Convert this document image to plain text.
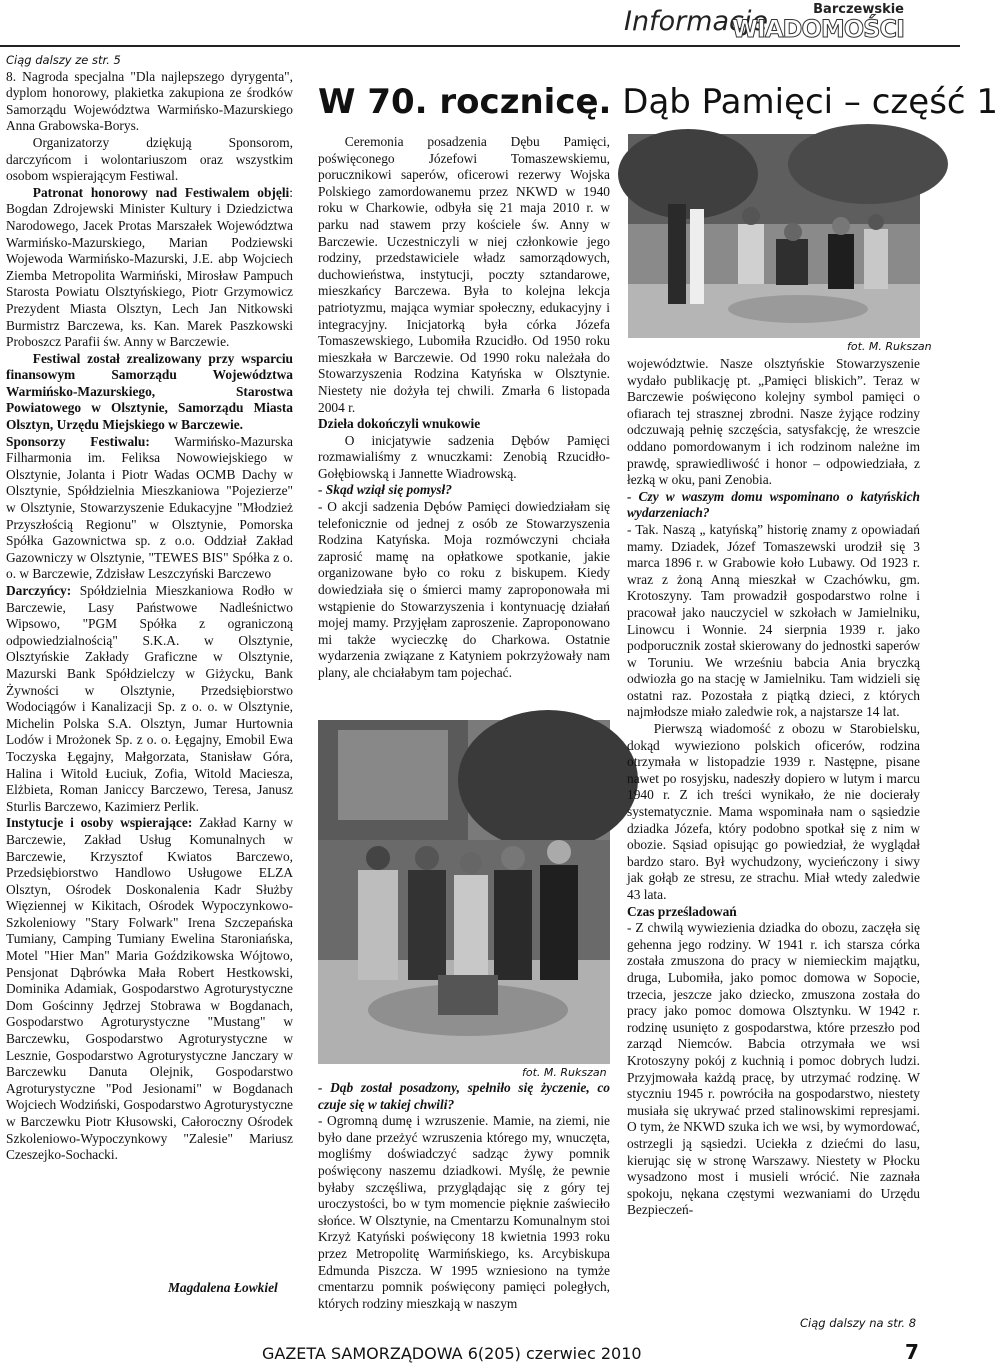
Informacje	Barczewskie
WIADOMOŚCI

Ciąg dalszy ze str. 5

8. Nagroda specjalna "Dla najlepszego dyrygenta", dyplom honorowy, plakietka zakupiona ze środków Samorządu Województwa Warmińsko-Mazurskiego Anna Grabowska-Borys.

Organizatorzy dziękują Sponsorom, darczyńcom i wolontariuszom oraz wszystkim osobom wspierającym Festiwal.

Patronat honorowy nad Festiwalem objęli: Bogdan Zdrojewski Minister Kultury i Dziedzictwa Narodowego, Jacek Protas Marszałek Województwa Warmińsko-Mazurskiego, Marian Podziewski Wojewoda Warmińsko-Mazurski, J.E. abp Wojciech Ziemba Metropolita Warmiński, Mirosław Pampuch Starosta Powiatu Olsztyńskiego, Piotr Grzymowicz Prezydent Miasta Olsztyn, Lech Jan Nitkowski Burmistrz Barczewa, ks. Kan. Marek Paszkowski Proboszcz Parafii św. Anny w Barczewie.

Festiwal został zrealizowany przy wsparciu finansowym Samorządu Województwa Warmińsko-Mazurskiego, Starostwa Powiatowego w Olsztynie, Samorządu Miasta Olsztyn, Urzędu Miejskiego w Barczewie.

Sponsorzy Festiwalu: Warmińsko-Mazurska Filharmonia im. Feliksa Nowowiejskiego w Olsztynie, Jolanta i Piotr Wadas OCMB Dachy w Olsztynie, Spółdzielnia Mieszkaniowa "Pojezierze" w Olsztynie, Stowarzyszenie Edukacyjne "Młodzież Przyszłością Regionu" w Olsztynie, Pomorska Spółka Gazownictwa sp. z o.o. Oddział Zakład Gazowniczy w Olsztynie, "TEWES BIS" Spółka z o. o. w Barczewie, Zdzisław Leszczyński Barczewo

Darczyńcy: Spółdzielnia Mieszkaniowa Rodło w Barczewie, Lasy Państwowe Nadleśnictwo Wipsowo, "PGM Spółka z ograniczoną odpowiedzialnością" S.K.A. w Olsztynie, Olsztyńskie Zakłady Graficzne w Olsztynie, Mazurski Bank Spółdzielczy w Giżycku, Bank Żywności w Olsztynie, Przedsiębiorstwo Wodociągów i Kanalizacji Sp. z o. o. w Olsztynie, Michelin Polska S.A. Olsztyn, Jumar Hurtownia Lodów i Mrożonek Sp. z o. o. Łęgajny, Emobil Ewa Toczyska Łęgajny, Małgorzata, Stanisław Góra, Halina i Witold Łuciuk, Zofia, Witold Maciesza, Elżbieta, Roman Janiccy Barczewo, Teresa, Janusz Sturlis Barczewo, Kazimierz Perlik.

Instytucje i osoby wspierające: Zakład Karny w Barczewie, Zakład Usług Komunalnych w Barczewie, Krzysztof Kwiatos Barczewo, Przedsiębiorstwo Handlowo Usługowe ELZA Olsztyn, Ośrodek Doskonalenia Kadr Służby Więziennej w Kikitach, Ośrodek Wypoczynkowo-Szkoleniowy "Stary Folwark" Irena Szczepańska Tumiany, Camping Tumiany Ewelina Staroniańska, Motel "Hier Man" Maria Goździkowska Wójtowo, Pensjonat Dąbrówka Mała Robert Hestkowski, Dominika Adamiak, Gospodarstwo Agroturystyczne Dom Gościnny Jędrzej Stobrawa w Bogdanach, Gospodarstwo Agroturystyczne "Mustang" w Barczewku, Gospodarstwo Agroturystyczne w Lesznie, Gospodarstwo Agroturystyczne Janczary w Barczewku Danuta Olejnik, Gospodarstwo Agroturystyczne "Pod Jesionami" w Bogdanach Wojciech Wodziński, Gospodarstwo Agroturystyczne w Barczewku Piotr Kłusowski, Całoroczny Ośrodek Szkoleniowo-Wypoczynkowy "Zalesie" Mariusz Czeszejko-Sochacki.

Magdalena Łowkiel
W 70. rocznicę. Dąb Pamięci – część 1
fot. M. Rukszan

Ceremonia posadzenia Dębu Pamięci, poświęconego Józefowi Tomaszewskiemu, porucznikowi saperów, oficerowi rezerwy Wojska Polskiego zamordowanemu przez NKWD w 1940 roku w Charkowie, odbyła się 21 maja 2010 r. w parku nad stawem przy kościele św. Anny w Barczewie. Uczestniczyli w niej członkowie jego rodziny, przedstawiciele władz samorządowych, duchowieństwa, instytucji, poczty sztandarowe, mieszkańcy Barczewa. Była to kolejna lekcja patriotyzmu, mająca wymiar społeczny, edukacyjny i integracyjny. Inicjatorką była córka Józefa Tomaszewskiego, Lubomiła Rzucidło. Od 1950 roku mieszkała w Barczewie. Od 1990 roku należała do Stowarzyszenia Rodzina Katyńska w Olsztynie. Niestety nie dożyła tej chwili. Zmarła 6 listopada 2004 r.

Dzieła dokończyli wnukowie

O inicjatywie sadzenia Dębów Pamięci rozmawialiśmy z wnuczkami: Zenobią Rzucidło- Gołębiowską i Jannette Wiadrowską.

- Skąd wziął się pomysł?

- O akcji sadzenia Dębów Pamięci dowiedziałam się telefonicznie od jednej z osób ze Stowarzyszenia Rodzina Katyńska. Moja rozmówczyni chciała zaprosić mamę na opłatkowe spotkanie, jakie organizowane było co roku z biskupem. Kiedy dowiedziała się o śmierci mamy zaproponowała mi wstąpienie do Stowarzyszenia i kontynuację działań mojej mamy. Przyjęłam zaproszenie. Zaproponowano mi także wycieczkę do Charkowa. Ostatnie wydarzenia związane z Katyniem pokrzyżowały nam plany, ale chciałabym tam pojechać.

fot. M. Rukszan

- Dąb został posadzony, spełniło się życzenie, co czuje się w takiej chwili?

- Ogromną dumę i wzruszenie. Mamie, na ziemi, nie było dane przeżyć wzruszenia którego my, wnuczęta, mogliśmy doświadczyć sadząc żywy pomnik poświęcony naszemu dziadkowi. Myślę, że pewnie byłaby szczęśliwa, przyglądając się z góry tej uroczystości, bo w tym momencie pięknie zaświeciło słońce. W Olsztynie, na Cmentarzu Komunalnym stoi Krzyż Katyński poświęcony 18 kwietnia 1993 roku przez Metropolitę Warmińskiego, ks. Arcybiskupa Edmunda Piszcza. W 1995 wzniesiono na tymże cmentarzu pomnik poświęcony pamięci poległych, których rodziny mieszkają w naszym

województwie. Nasze olsztyńskie Stowarzyszenie wydało publikację pt. „Pamięci bliskich”. Teraz w Barczewie poświęcono kolejny symbol pamięci o ofiarach tej strasznej zbrodni. Nasze żyjące rodziny odczuwają pełnię szczęścia, satysfakcję, że wreszcie oddano pomordowanym i ich rodzinom należne im prawdę, sprawiedliwość i honor – odpowiedziała, z łezką w oku, pani Zenobia.

- Czy w waszym domu wspominano o katyńskich wydarzeniach?

- Tak. Naszą „ katyńską” historię znamy z opowiadań mamy. Dziadek, Józef Tomaszewski urodził się 3 marca 1896 r. w Grabowie koło Lubawy. Od 1923 r. wraz z żoną Anną mieszkał w Czachówku, gm. Krotoszyny. Tam prowadził gospodarstwo rolne i pracował jako nauczyciel w szkołach w Jamielniku, Linowcu i Wonnie. 24 sierpnia 1939 r. jako podporucznik został skierowany do jednostki saperów w Toruniu. We wrześniu babcia Ania bryczką odwiozła go na stację w Jamielniku. Tam widzieli się ostatni raz. Pozostała z piątką dzieci, z których najmłodsze miało zaledwie rok, a najstarsze 14 lat.

Pierwszą wiadomość z obozu w Starobielsku, dokąd wywieziono polskich oficerów, rodzina otrzymała w listopadzie 1939 r. Następne, pisane nawet po rosyjsku, nadeszły dopiero w lutym i marcu 1940 r. Z ich treści wynikało, że nie docierały systematycznie. Mama wspominała nam o sąsiedzie dziadka Józefa, który podobno spotkał się z nim w obozie. Sąsiad opisując go powiedział, że wyglądał bardzo staro. Był wychudzony, wycieńczony i siwy jak gołąb ze stresu, ze strachu. Miał wtedy zaledwie 43 lata.

Czas prześladowań

- Z chwilą wywiezienia dziadka do obozu, zaczęła się gehenna jego rodziny. W 1941 r. ich starsza córka została zmuszona do pracy w niemieckim majątku, druga, Lubomiła, jako pomoc domowa w Sopocie, trzecia, jeszcze jako dziecko, zmuszona została do pracy jako pomoc domowa Olsztynku. W 1942 r. rodzinę usunięto z gospodarstwa, które przeszło pod zarząd Niemców. Babcia otrzymała we wsi Krotoszyny pokój z kuchnią i pomoc dobrych ludzi. Przyjmowała każdą pracę, by utrzymać rodzinę. W styczniu 1945 r. powróciła na gospodarstwo, niestety musiała się ukrywać przed stalinowskimi represjami. O tym, że NKWD szuka ich we wsi, by wymordować, ostrzegli ją sąsiedzi. Uciekła z dziećmi do lasu, kierując się w stronę Warszawy. Niestety w Płocku wysadzono most i musieli wrócić. Nie zaznała spokoju, nękana częstymi wezwaniami do Urzędu Bezpieczeń-

Ciąg dalszy na str. 8
GAZETA SAMORZĄDOWA 6(205) czerwiec 2010	7
